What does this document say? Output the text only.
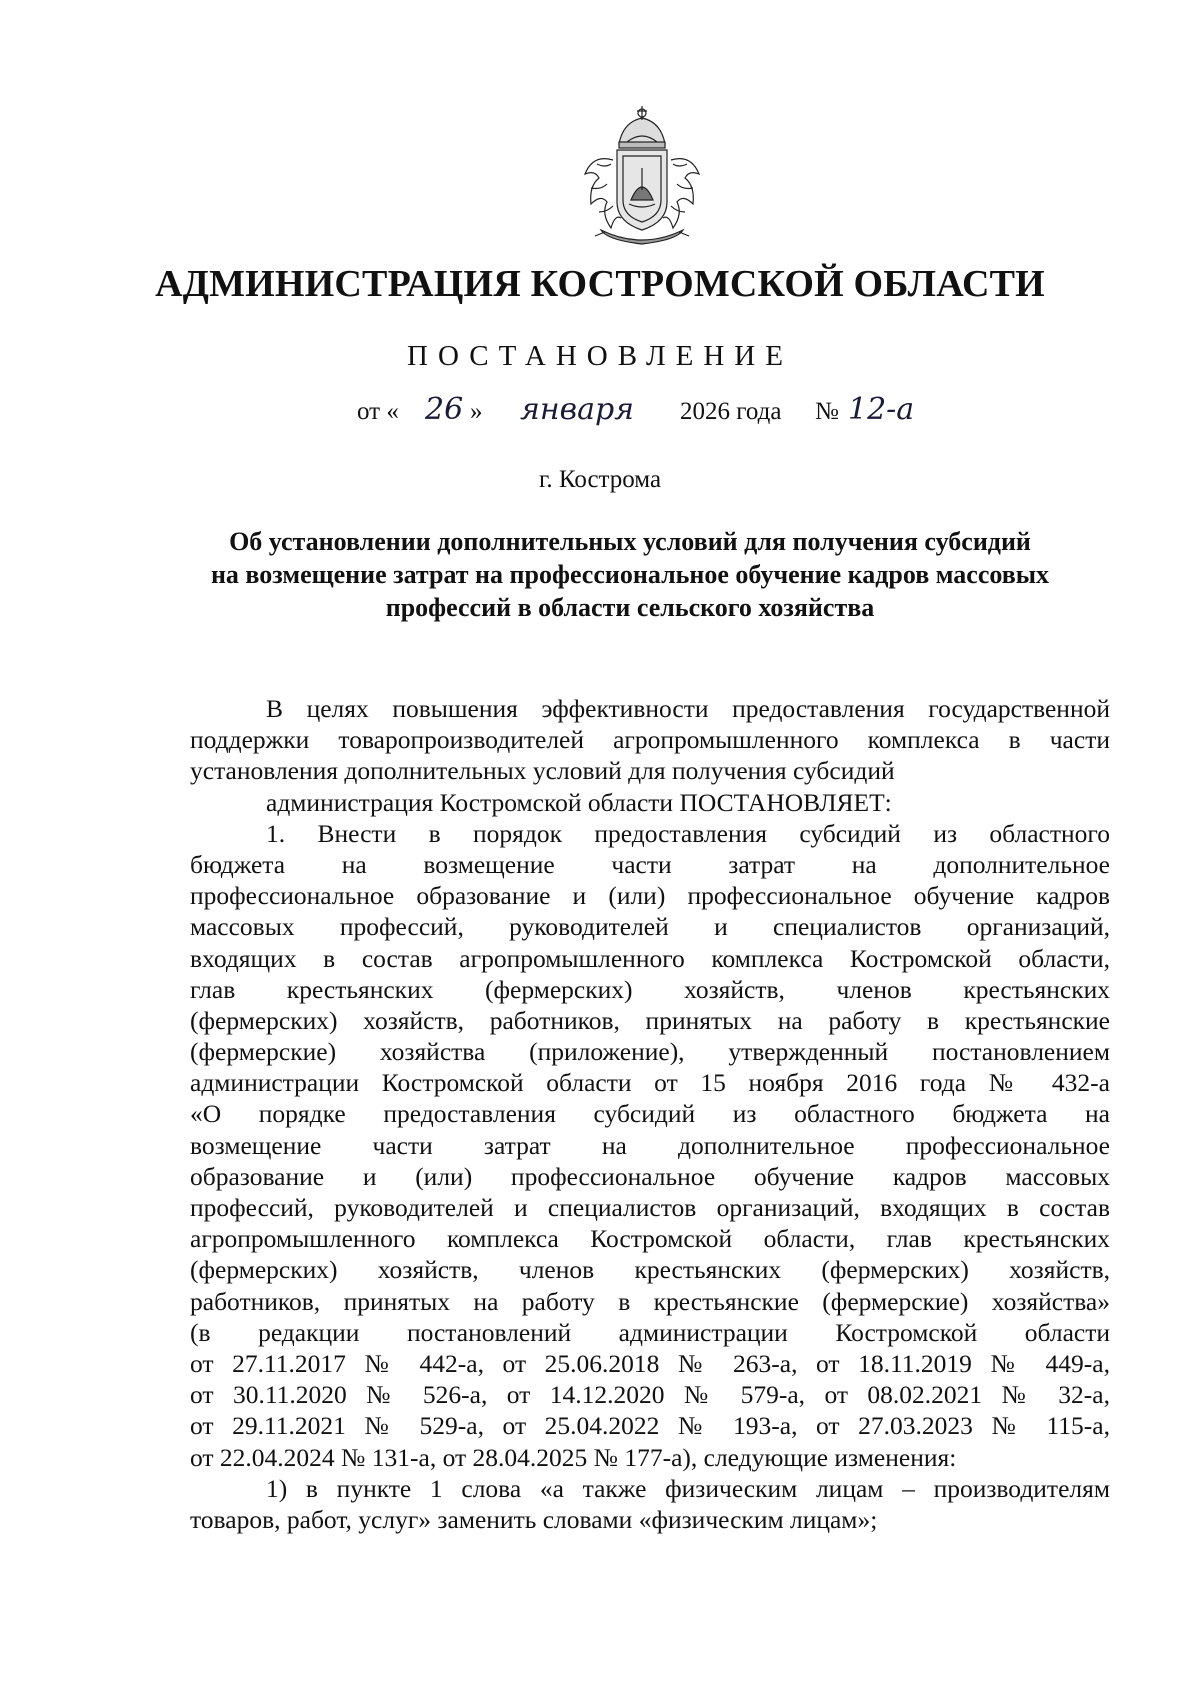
АДМИНИСТРАЦИЯ КОСТРОМСКОЙ ОБЛАСТИ
ПОСТАНОВЛЕНИЕ
от « 26 » января 2026 года № 12-а
г. Кострома
Об установлении дополнительных условий для получения субсидий
на возмещение затрат на профессиональное обучение кадров массовых
профессий в области сельского хозяйства
В целях повышения эффективности предоставления государственной
поддержки товаропроизводителей агропромышленного комплекса в части
установления дополнительных условий для получения субсидий
администрация Костромской области ПОСТАНОВЛЯЕТ:
1. Внести в порядок предоставления субсидий из областного
бюджета на возмещение части затрат на дополнительное
профессиональное образование и (или) профессиональное обучение кадров
массовых профессий, руководителей и специалистов организаций,
входящих в состав агропромышленного комплекса Костромской области,
глав крестьянских (фермерских) хозяйств, членов крестьянских
(фермерских) хозяйств, работников, принятых на работу в крестьянские
(фермерские) хозяйства (приложение), утвержденный постановлением
администрации Костромской области от 15 ноября 2016 года № 432-а
«О порядке предоставления субсидий из областного бюджета на
возмещение части затрат на дополнительное профессиональное
образование и (или) профессиональное обучение кадров массовых
профессий, руководителей и специалистов организаций, входящих в состав
агропромышленного комплекса Костромской области, глав крестьянских
(фермерских) хозяйств, членов крестьянских (фермерских) хозяйств,
работников, принятых на работу в крестьянские (фермерские) хозяйства»
(в редакции постановлений администрации Костромской области
от 27.11.2017 № 442-а, от 25.06.2018 № 263-а, от 18.11.2019 № 449-а,
от 30.11.2020 № 526-а, от 14.12.2020 № 579-а, от 08.02.2021 № 32-а,
от 29.11.2021 № 529-а, от 25.04.2022 № 193-а, от 27.03.2023 № 115-а,
от 22.04.2024 № 131-а, от 28.04.2025 № 177-а), следующие изменения:
1) в пункте 1 слова «а также физическим лицам – производителям
товаров, работ, услуг» заменить словами «физическим лицам»;
